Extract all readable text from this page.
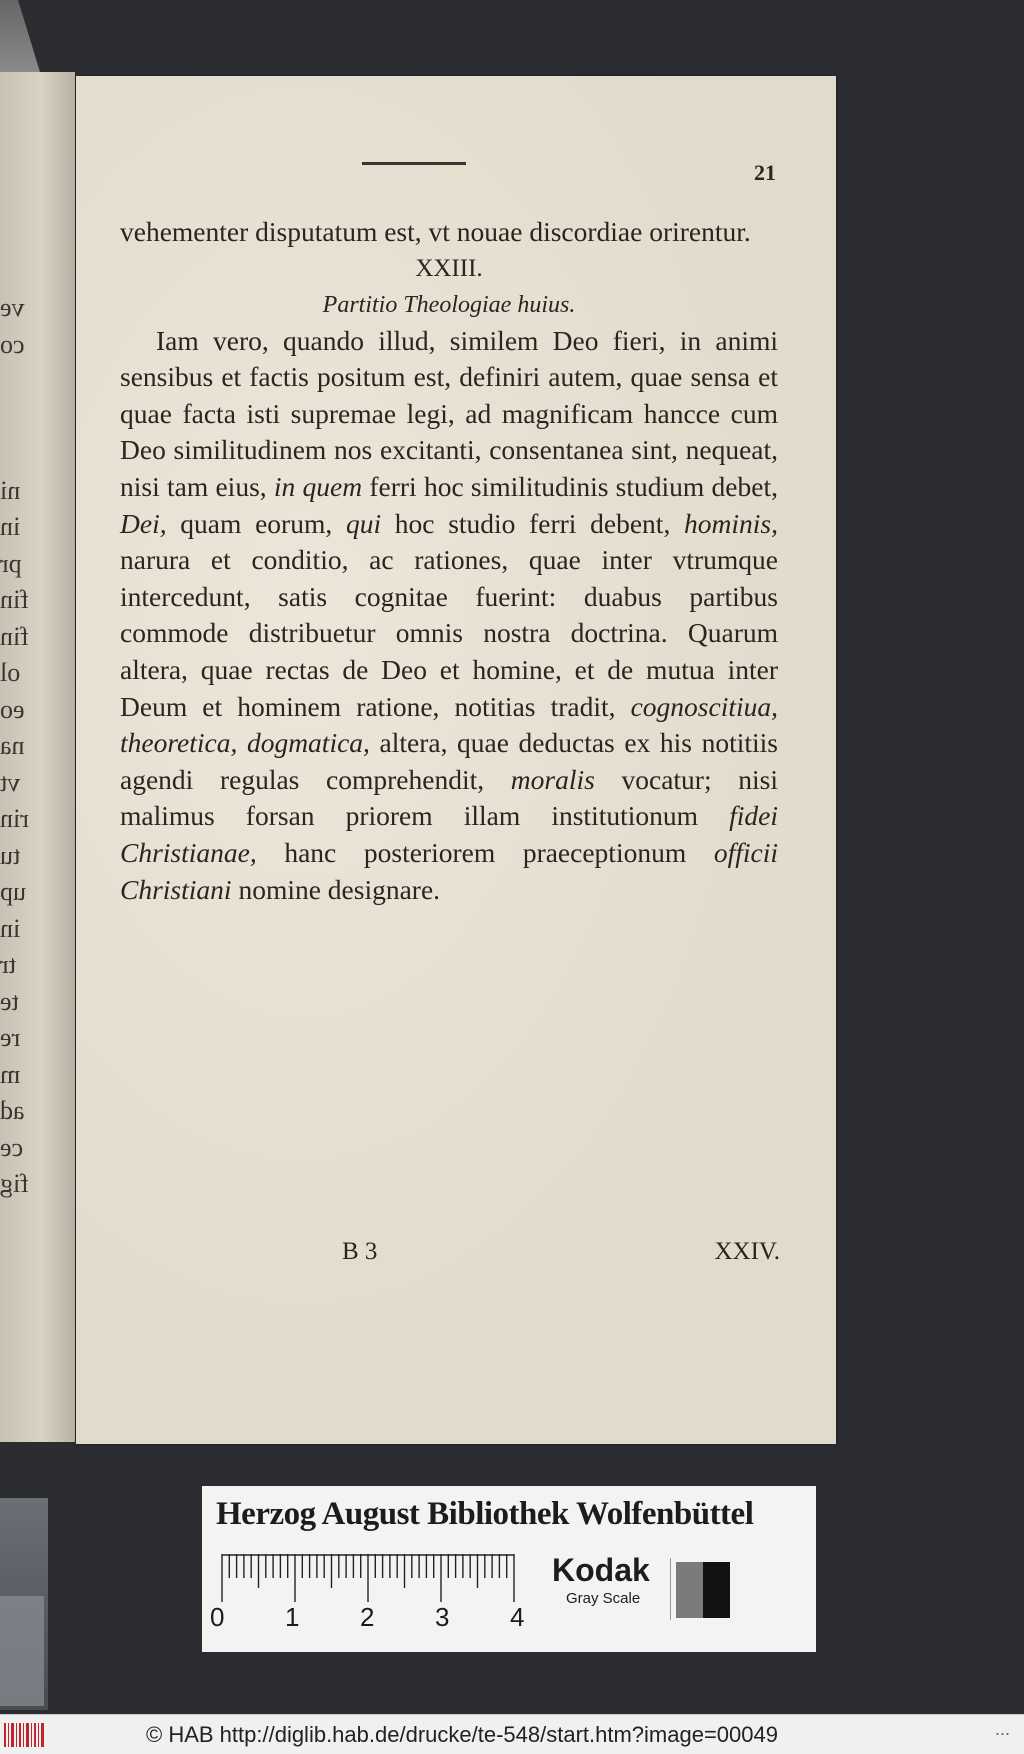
ve
co
ni
in
pr
fin
fin
ol
eo
na
vt
rin
tu
up
in
tr
te
re
m
ad
ce
fig
21

vehementer disputatum est, vt nouae discordiae orirentur.

XXIII.

Partitio Theologiae huius.

Iam vero, quando illud, similem Deo fieri, in animi sensibus et factis positum est, definiri autem, quae sensa et quae facta isti supremae legi, ad magnificam hancce cum Deo similitudinem nos excitanti, consentanea sint, nequeat, nisi tam eius, in quem ferri hoc similitudinis studium debet, Dei, quam eorum, qui hoc studio ferri debent, hominis, narura et conditio, ac rationes, quae inter vtrumque intercedunt, satis cognitae fuerint: duabus partibus commode distribuetur omnis nostra doctrina. Quarum altera, quae rectas de Deo et homine, et de mutua inter Deum et hominem ratione, notitias tradit, cognoscitiua, theoretica, dogmatica, altera, quae deductas ex his notitiis agendi regulas comprehendit, moralis vocatur; nisi malimus forsan priorem illam institutionum fidei Christianae, hanc posteriorem praeceptionum officii Christiani nomine designare.

B 3	XXIV.
Herzog August Bibliothek Wolfenbüttel
0 1 2 3 4
Kodak
Gray Scale
© HAB http://diglib.hab.de/drucke/te-548/start.htm?image=00049	...
